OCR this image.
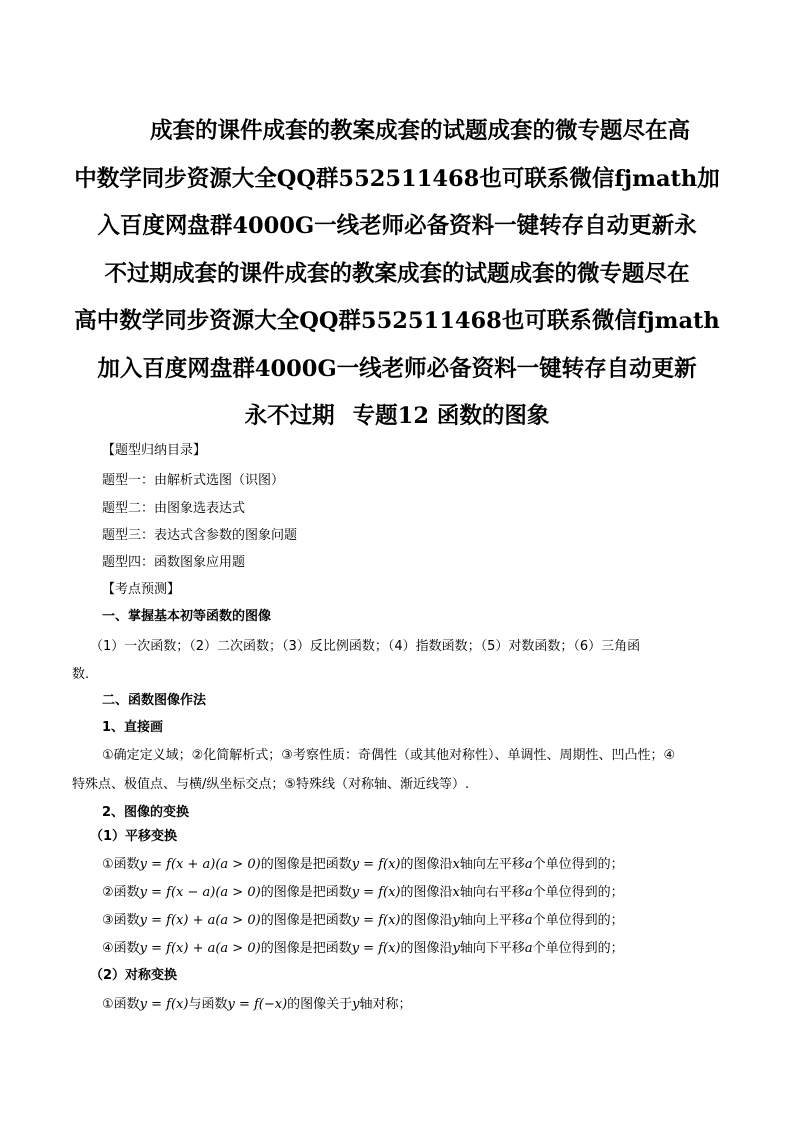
成套的课件成套的教案成套的试题成套的微专题尽在高
中数学同步资源大全QQ群552511468也可联系微信fjmath加
入百度网盘群4000G一线老师必备资料一键转存自动更新永
不过期成套的课件成套的教案成套的试题成套的微专题尽在
高中数学同步资源大全QQ群552511468也可联系微信fjmath
加入百度网盘群4000G一线老师必备资料一键转存自动更新
永不过期 专题12 函数的图象
【题型归纳目录】
题型一：由解析式选图（识图）
题型二：由图象选表达式
题型三：表达式含参数的图象问题
题型四：函数图象应用题
【考点预测】
一、掌握基本初等函数的图像
（1）一次函数；（2）二次函数；（3）反比例函数；（4）指数函数；（5）对数函数；（6）三角函
数.
二、函数图像作法
1、直接画
①确定定义域；②化简解析式；③考察性质：奇偶性（或其他对称性）、单调性、周期性、凹凸性；④
特殊点、极值点、与横/纵坐标交点；⑤特殊线（对称轴、渐近线等）.
2、图像的变换
（1）平移变换
①函数y = f(x + a)(a > 0)的图像是把函数y = f(x)的图像沿x轴向左平移a个单位得到的；
②函数y = f(x − a)(a > 0)的图像是把函数y = f(x)的图像沿x轴向右平移a个单位得到的；
③函数y = f(x) + a(a > 0)的图像是把函数y = f(x)的图像沿y轴向上平移a个单位得到的；
④函数y = f(x) + a(a > 0)的图像是把函数y = f(x)的图像沿y轴向下平移a个单位得到的；
（2）对称变换
①函数y = f(x)与函数y = f(−x)的图像关于y轴对称；
